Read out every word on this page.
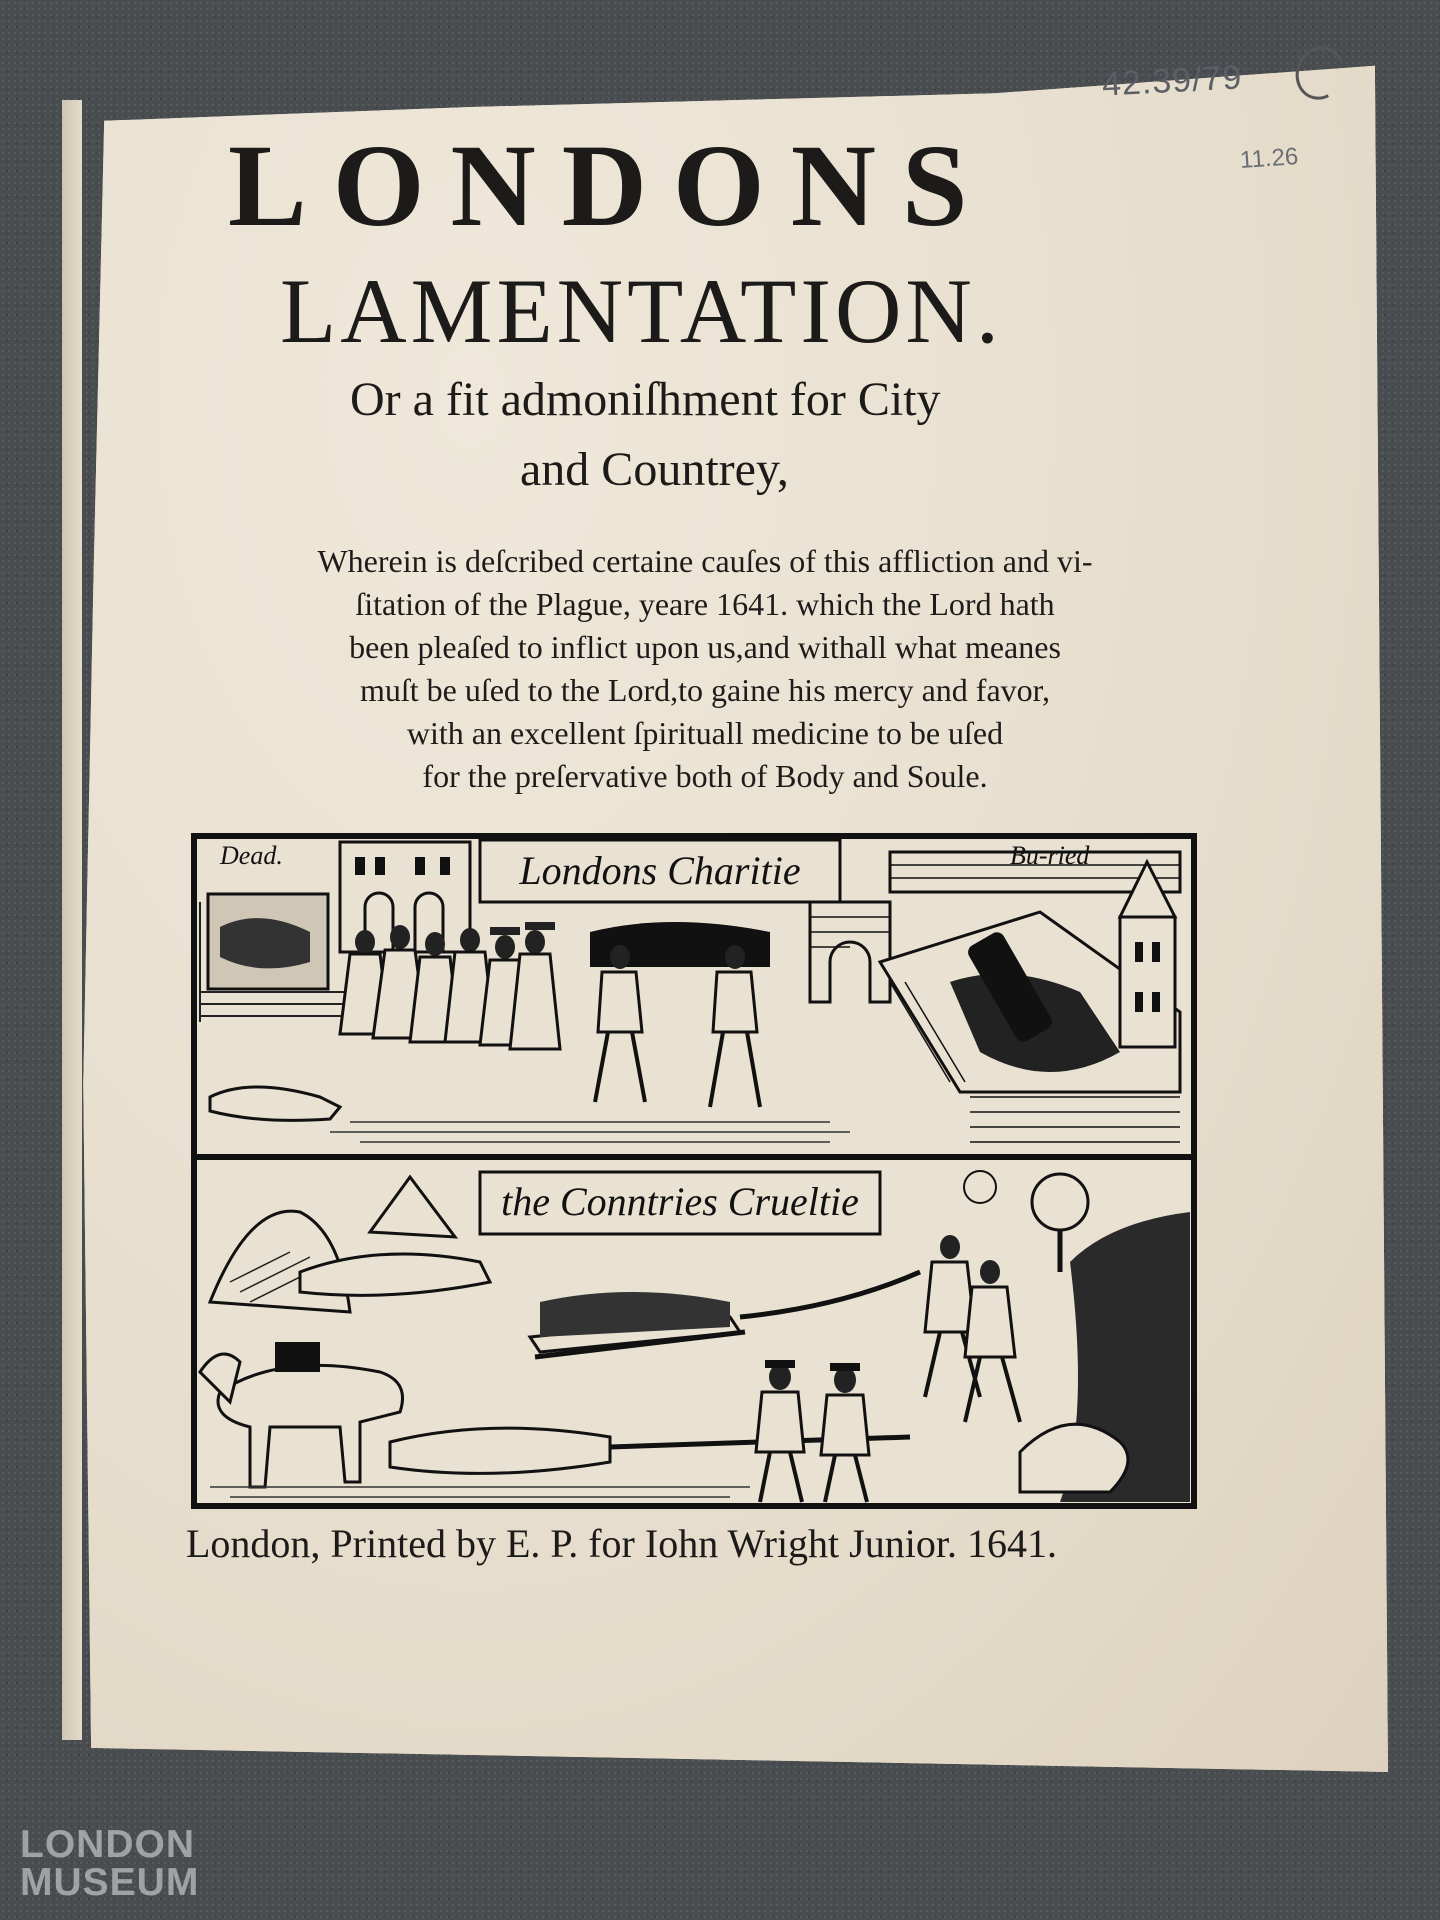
42.39/79
11.26
LONDONS
LAMENTATION.
Or a fit admoniſhment for City
and Countrey,
Wherein is deſcribed certaine cauſes of this affliction and vi-
ſitation of the Plague, yeare 1641. which the Lord hath
been pleaſed to inflict upon us,and withall what meanes
muſt be uſed to the Lord,to gaine his mercy and favor,
with an excellent ſpirituall medicine to be uſed
for the preſervative both of Body and Soule.
Dead.	Londons Charitie	Bu-ried
the Conntries Crueltie
London, Printed by E. P. for Iohn Wright Junior. 1641.
LONDON
MUSEUM
